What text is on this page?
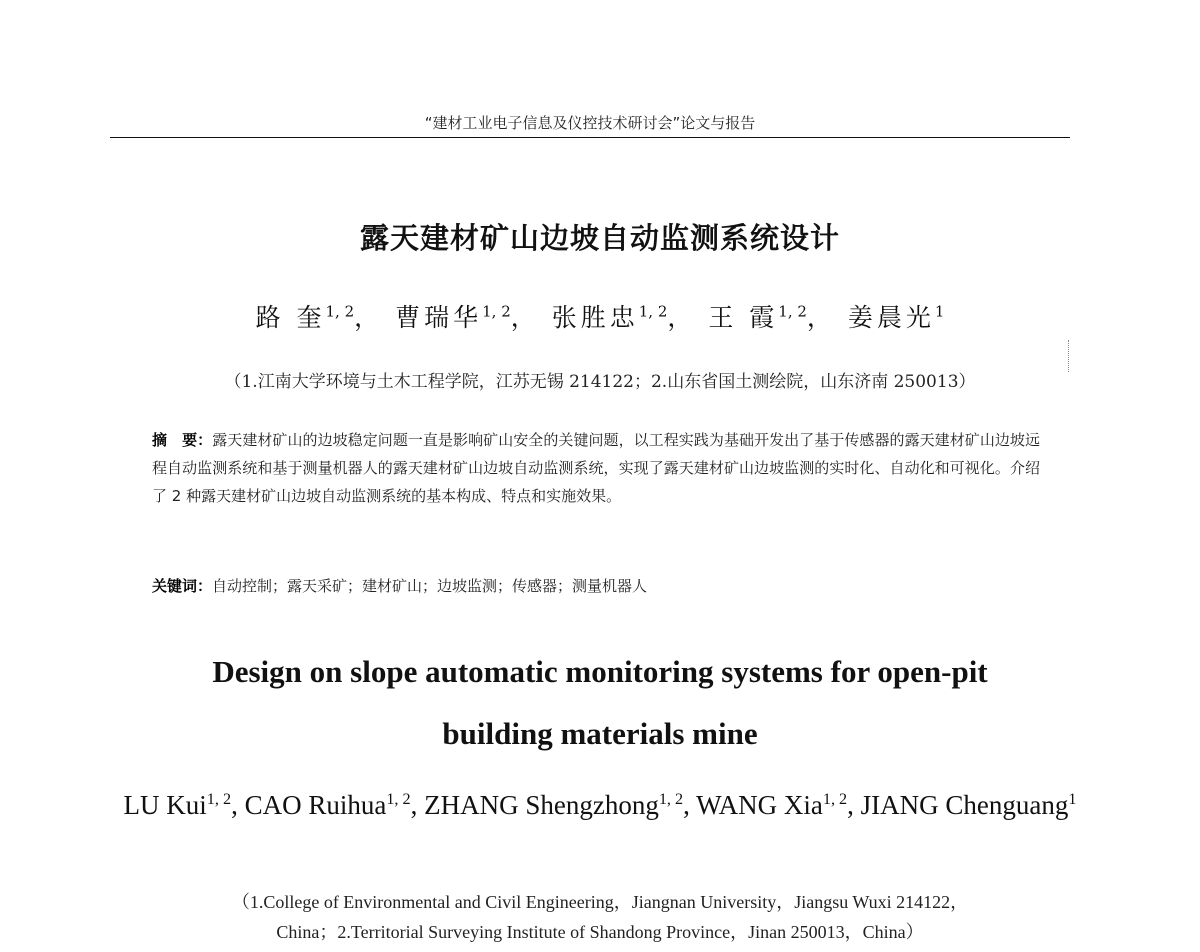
“建材工业电子信息及仪控技术研讨会”论文与报告
露天建材矿山边坡自动监测系统设计
路 奎$^{1, 2}$， 曹瑞华$^{1, 2}$， 张胜忠$^{1, 2}$， 王 霞$^{1, 2}$， 姜晨光$^1$
（1.江南大学环境与土木工程学院，江苏无锡 214122；2.山东省国土测绘院，山东济南 250013）
摘　要：露天建材矿山的边坡稳定问题一直是影响矿山安全的关键问题，以工程实践为基础开发出了基于传感器的露天建材矿山边坡远程自动监测系统和基于测量机器人的露天建材矿山边坡自动监测系统，实现了露天建材矿山边坡监测的实时化、自动化和可视化。介绍了 2 种露天建材矿山边坡自动监测系统的基本构成、特点和实施效果。
关键词：自动控制；露天采矿；建材矿山；边坡监测；传感器；测量机器人
Design on slope automatic monitoring systems for open-pit
building materials mine
LU Kui$^{1, 2}$, CAO Ruihua$^{1, 2}$, ZHANG Shengzhong$^{1, 2}$, WANG Xia$^{1, 2}$, JIANG Chenguang$^1$
（1.College of Environmental and Civil Engineering，Jiangnan University，Jiangsu Wuxi 214122，
China；2.Territorial Surveying Institute of Shandong Province，Jinan 250013，China）
